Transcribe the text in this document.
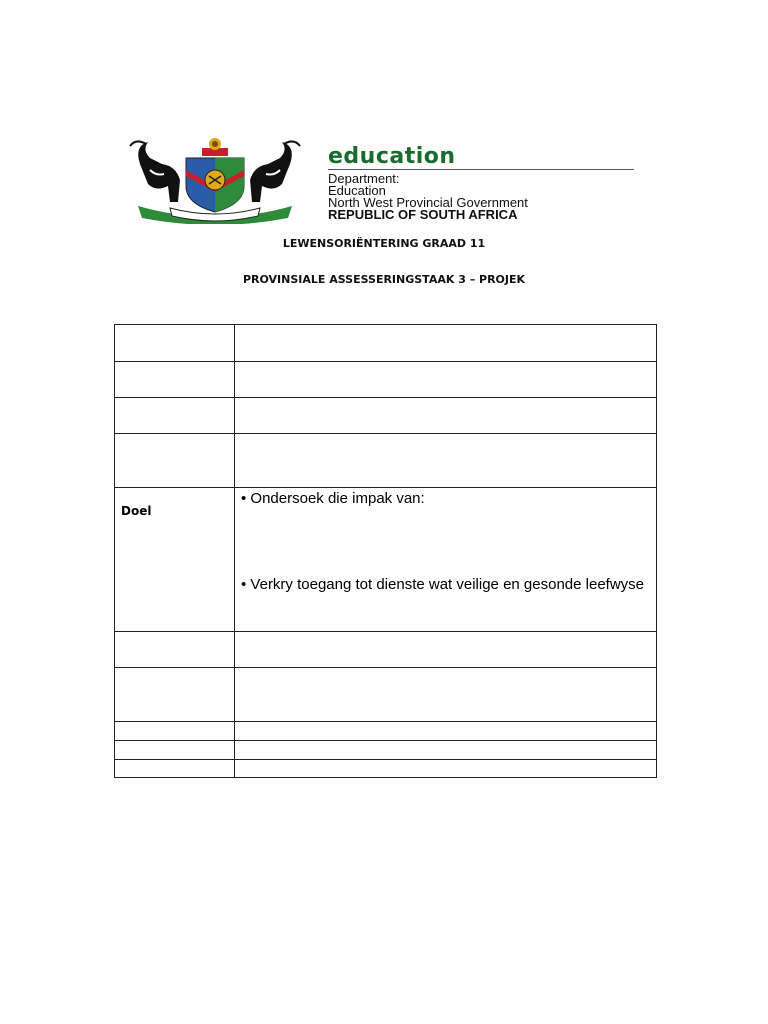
education
Department:
Education
North West Provincial Government
REPUBLIC OF SOUTH AFRICA
LEWENSORIËNTERING GRAAD 11
PROVINSIALE ASSESSERINGSTAAK 3 – PROJEK

Doel	• Ondersoek die impak van:
• Verkry toegang tot dienste wat veilige en gesonde leefwyse
